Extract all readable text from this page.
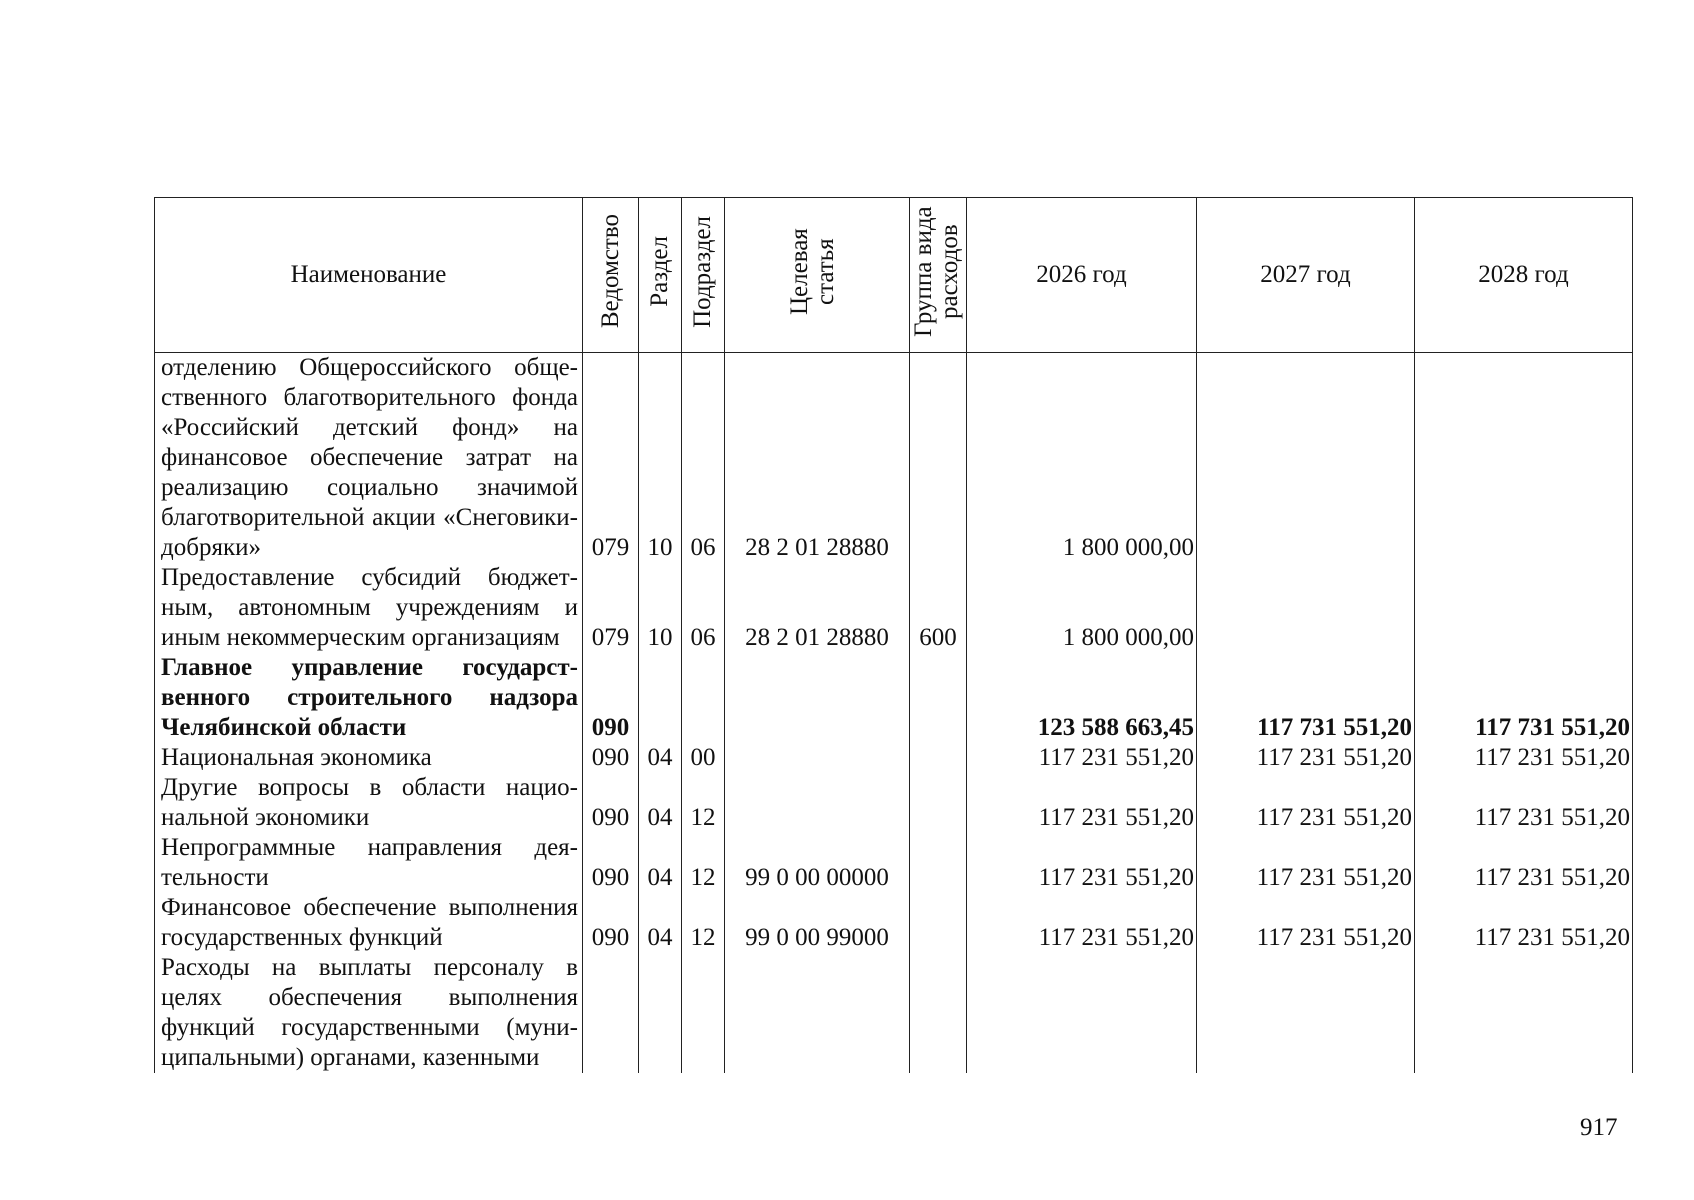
Наименование	Ведомство	Раздел	Подраздел	Целевая статья	Группа вида расходов	2026 год	2027 год	2028 год
отделению Общероссийского общественного благотворительного фонда «Российский детский фонд» на финансовое обеспечение затрат на реализацию социально значимой благотворительной акции «Снеговики-добряки»	079	10	06	28 2 01 28880		1 800 000,00		
Предоставление субсидий бюджетным, автономным учреждениям и иным некоммерческим организациям	079	10	06	28 2 01 28880	600	1 800 000,00		
Главное управление государственного строительного надзора Челябинской области	090					123 588 663,45	117 731 551,20	117 731 551,20
Национальная экономика	090	04	00			117 231 551,20	117 231 551,20	117 231 551,20
Другие вопросы в области национальной экономики	090	04	12			117 231 551,20	117 231 551,20	117 231 551,20
Непрограммные направления деятельности	090	04	12	99 0 00 00000		117 231 551,20	117 231 551,20	117 231 551,20
Финансовое обеспечение выполнения государственных функций	090	04	12	99 0 00 99000		117 231 551,20	117 231 551,20	117 231 551,20
Расходы на выплаты персоналу в целях обеспечения выполнения функций государственными (муниципальными) органами, казенными								
917
